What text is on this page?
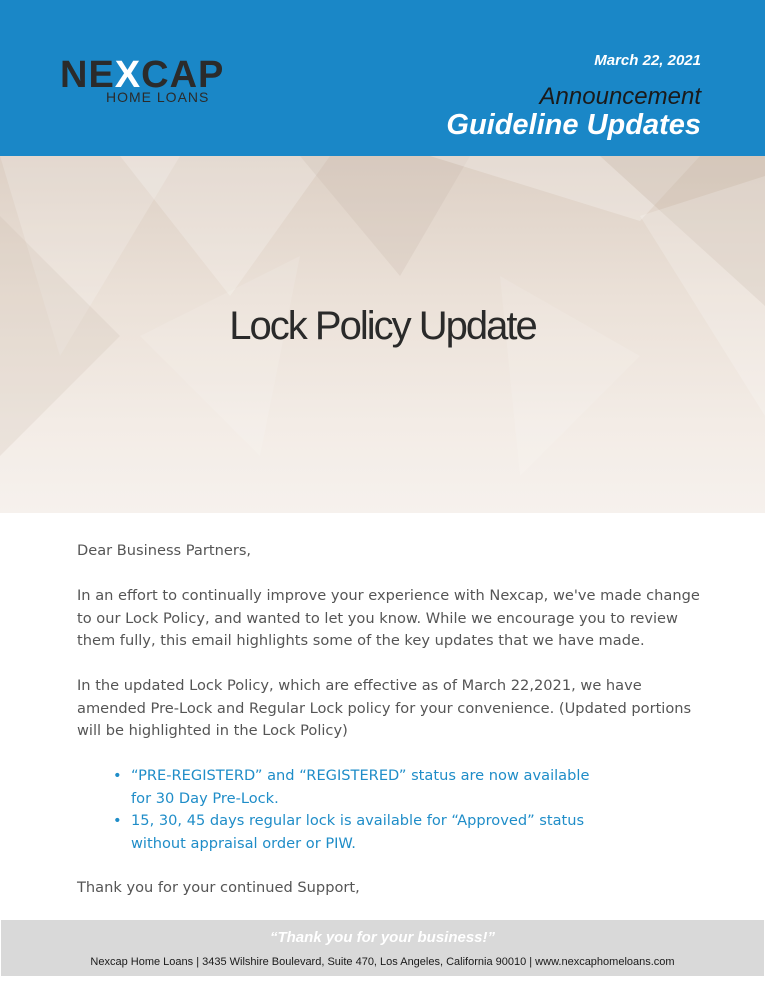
NEXCAP
HOME LOANS
March 22, 2021
Announcement
Guideline Updates
Lock Policy Update

Dear Business Partners,

In an effort to continually improve your experience with Nexcap, we've made change to our Lock Policy, and wanted to let you know. While we encourage you to review them fully, this email highlights some of the key updates that we have made.

In the updated Lock Policy, which are effective as of March 22,2021, we have amended Pre-Lock and Regular Lock policy for your convenience. (Updated portions will be highlighted in the Lock Policy)

• “PRE-REGISTERD” and “REGISTERED” status are now available for 30 Day Pre-Lock.
• 15, 30, 45 days regular lock is available for “Approved” status without appraisal order or PIW.

Thank you for your continued Support,

“Thank you for your business!”
Nexcap Home Loans | 3435 Wilshire Boulevard, Suite 470, Los Angeles, California 90010 | www.nexcaphomeloans.com
